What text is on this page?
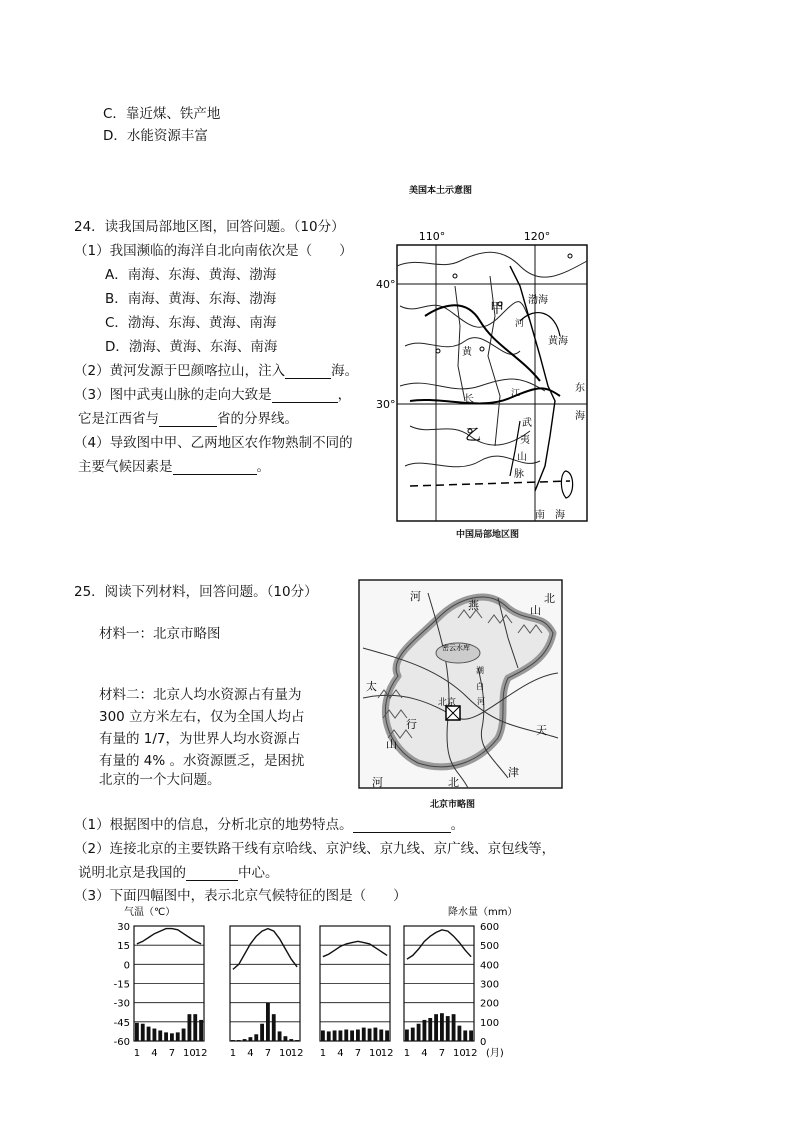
C．靠近煤、铁产地
D．水能资源丰富
美国本土示意图
24．读我国局部地区图，回答问题。（10分）
（1）我国濒临的海洋自北向南依次是（　　）
A．南海、东海、黄海、渤海
B．南海、黄海、东海、渤海
C．渤海、东海、黄海、南海
D．渤海、黄海、东海、南海
（2）黄河发源于巴颜喀拉山，注入	海。
（3）图中武夷山脉的走向大致是	，
它是江西省与	省的分界线。
（4）导致图中甲、乙两地区农作物熟制不同的
主要气候因素是	。
110°	120°
40°
30°
甲
乙
渤海
黄海
东
海
南　海
河
黄
长	江
武
夷
山
脉
中国局部地区图
25．阅读下列材料，回答问题。（10分）
材料一：北京市略图
材料二：北京人均水资源占有量为
300 立方米左右，仅为全国人均占
有量的 1/7，为世界人均水资源占
有量的 4% 。水资源匮乏，是困扰
北京的一个大问题。
河	北
燕	山
密云水库
潮
白
河
北京
太
行
山
天
津
河	北
北京市略图
（1）根据图中的信息，分析北京的地势特点。	。
（2）连接北京的主要铁路干线有京哈线、京沪线、京九线、京广线、京包线等，
说明北京是我国的	中心。
（3）下面四幅图中，表示北京气候特征的图是（　　）
气温（℃）	降水量（mm）
30
15
0
-15
-30
-45
-60
600
500
400
300
200
100
0
1 4 7 10
12 1 4 7 10
12 1 4 7 10
12 1 4 7 10
12 (月)
